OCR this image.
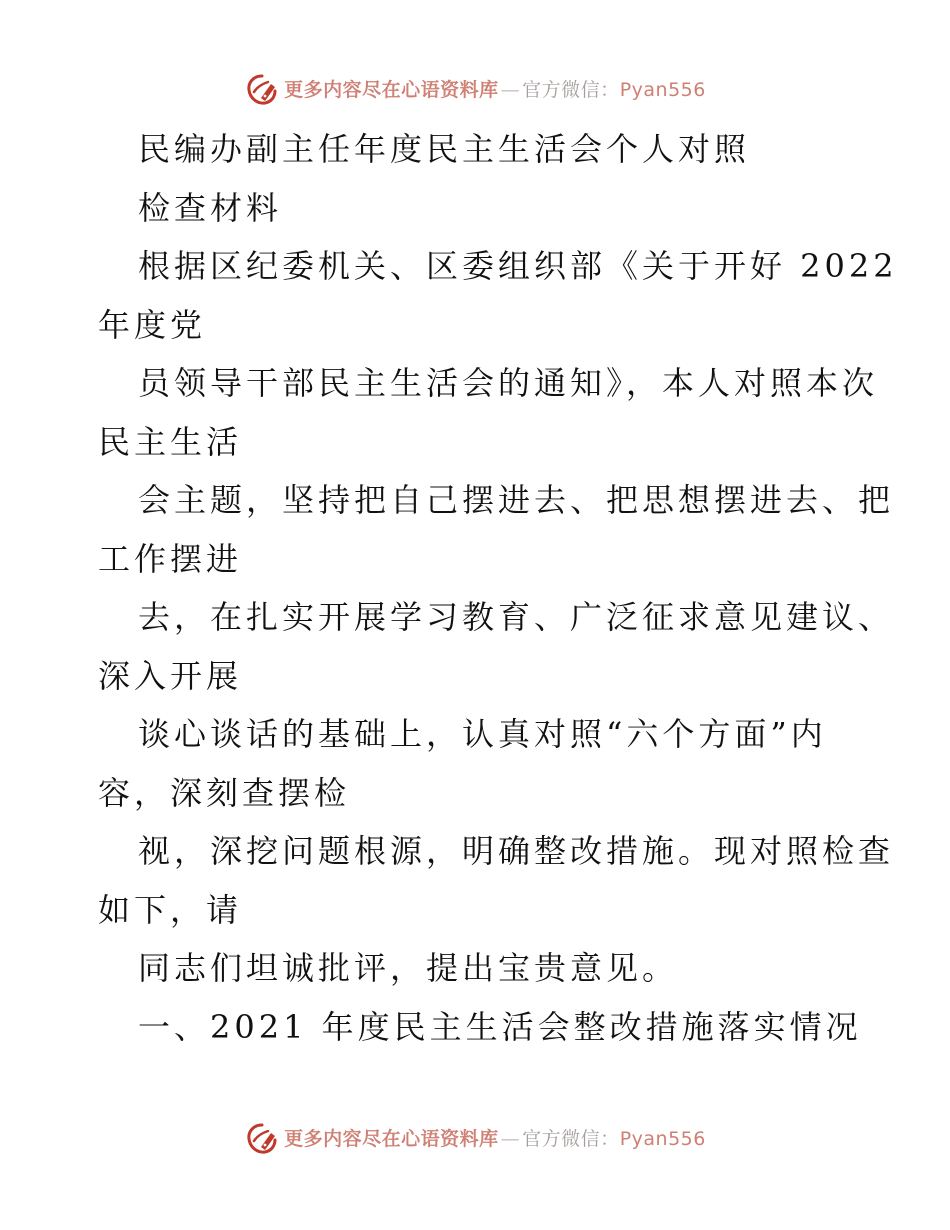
更多内容尽在心语资料库 — 官方微信： Pyan556
民编办副主任年度民主生活会个人对照
检查材料
根据区纪委机关、区委组织部《关于开好 2022
年度党
员领导干部民主生活会的通知》，本人对照本次
民主生活
会主题，坚持把自己摆进去、把思想摆进去、把
工作摆进
去，在扎实开展学习教育、广泛征求意见建议、
深入开展
谈心谈话的基础上，认真对照“六个方面”内
容，深刻查摆检
视，深挖问题根源，明确整改措施。现对照检查
如下，请
同志们坦诚批评，提出宝贵意见。
一、2021 年度民主生活会整改措施落实情况
更多内容尽在心语资料库 — 官方微信： Pyan556
